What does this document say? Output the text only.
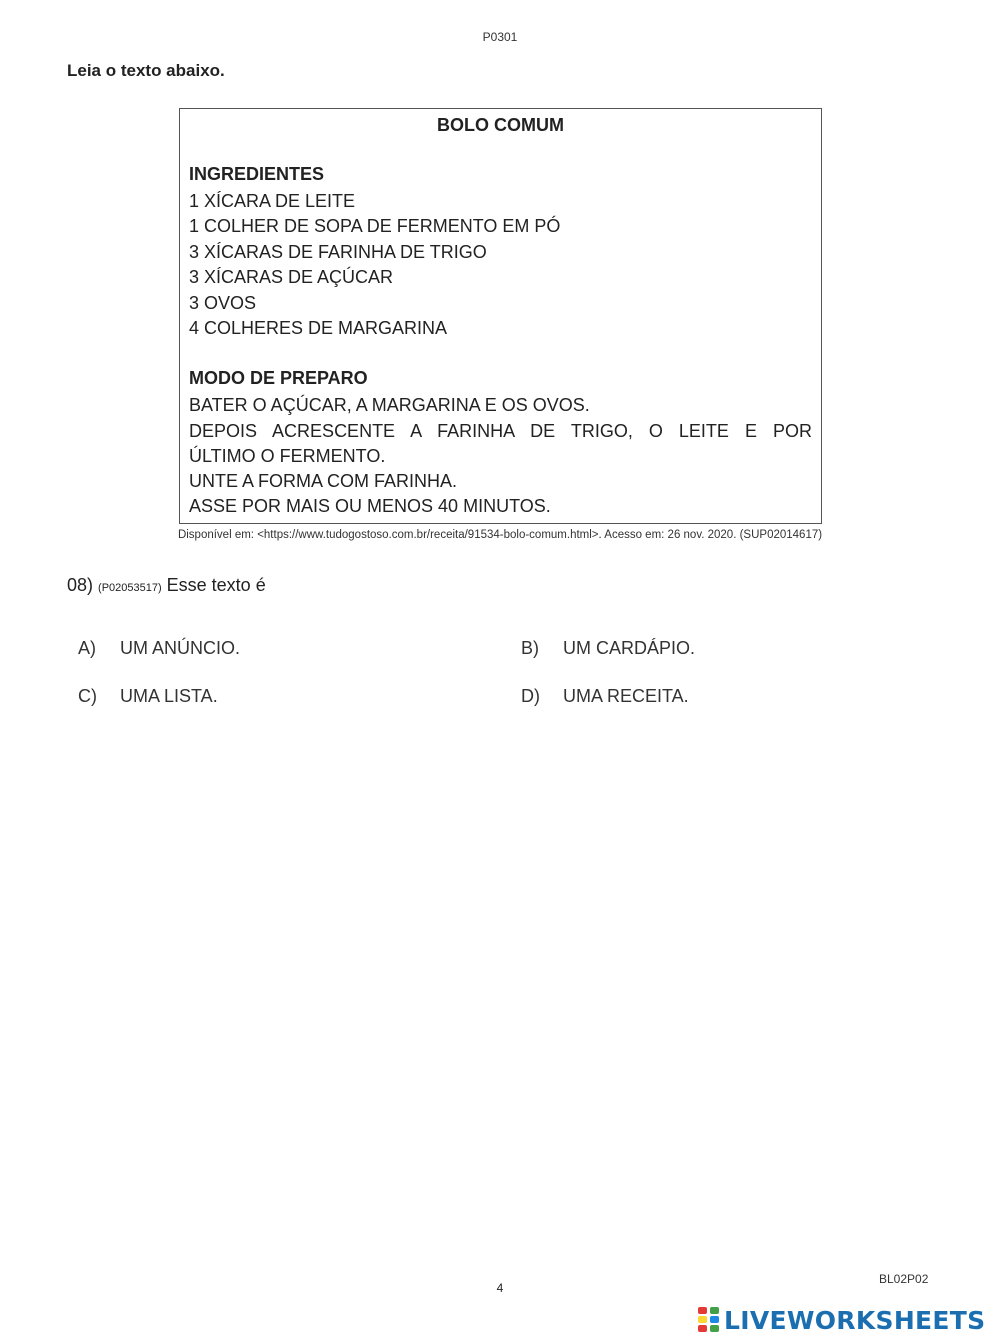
P0301
Leia o texto abaixo.
BOLO COMUM
INGREDIENTES
1 XÍCARA DE LEITE
1 COLHER DE SOPA DE FERMENTO EM PÓ
3 XÍCARAS DE FARINHA DE TRIGO
3 XÍCARAS DE AÇÚCAR
3 OVOS
4 COLHERES DE MARGARINA
MODO DE PREPARO
BATER O AÇÚCAR, A MARGARINA E OS OVOS.
DEPOIS ACRESCENTE A FARINHA DE TRIGO, O LEITE E POR
ÚLTIMO O FERMENTO.
UNTE A FORMA COM FARINHA.
ASSE POR MAIS OU MENOS 40 MINUTOS.
Disponível em: <https://www.tudogostoso.com.br/receita/91534-bolo-comum.html>. Acesso em: 26 nov. 2020. (SUP02014617)
08) (P02053517) Esse texto é
A) UM ANÚNCIO.	B) UM CARDÁPIO.
C) UMA LISTA.	D) UMA RECEITA.
BL02P02
4
LIVEWORKSHEETS
